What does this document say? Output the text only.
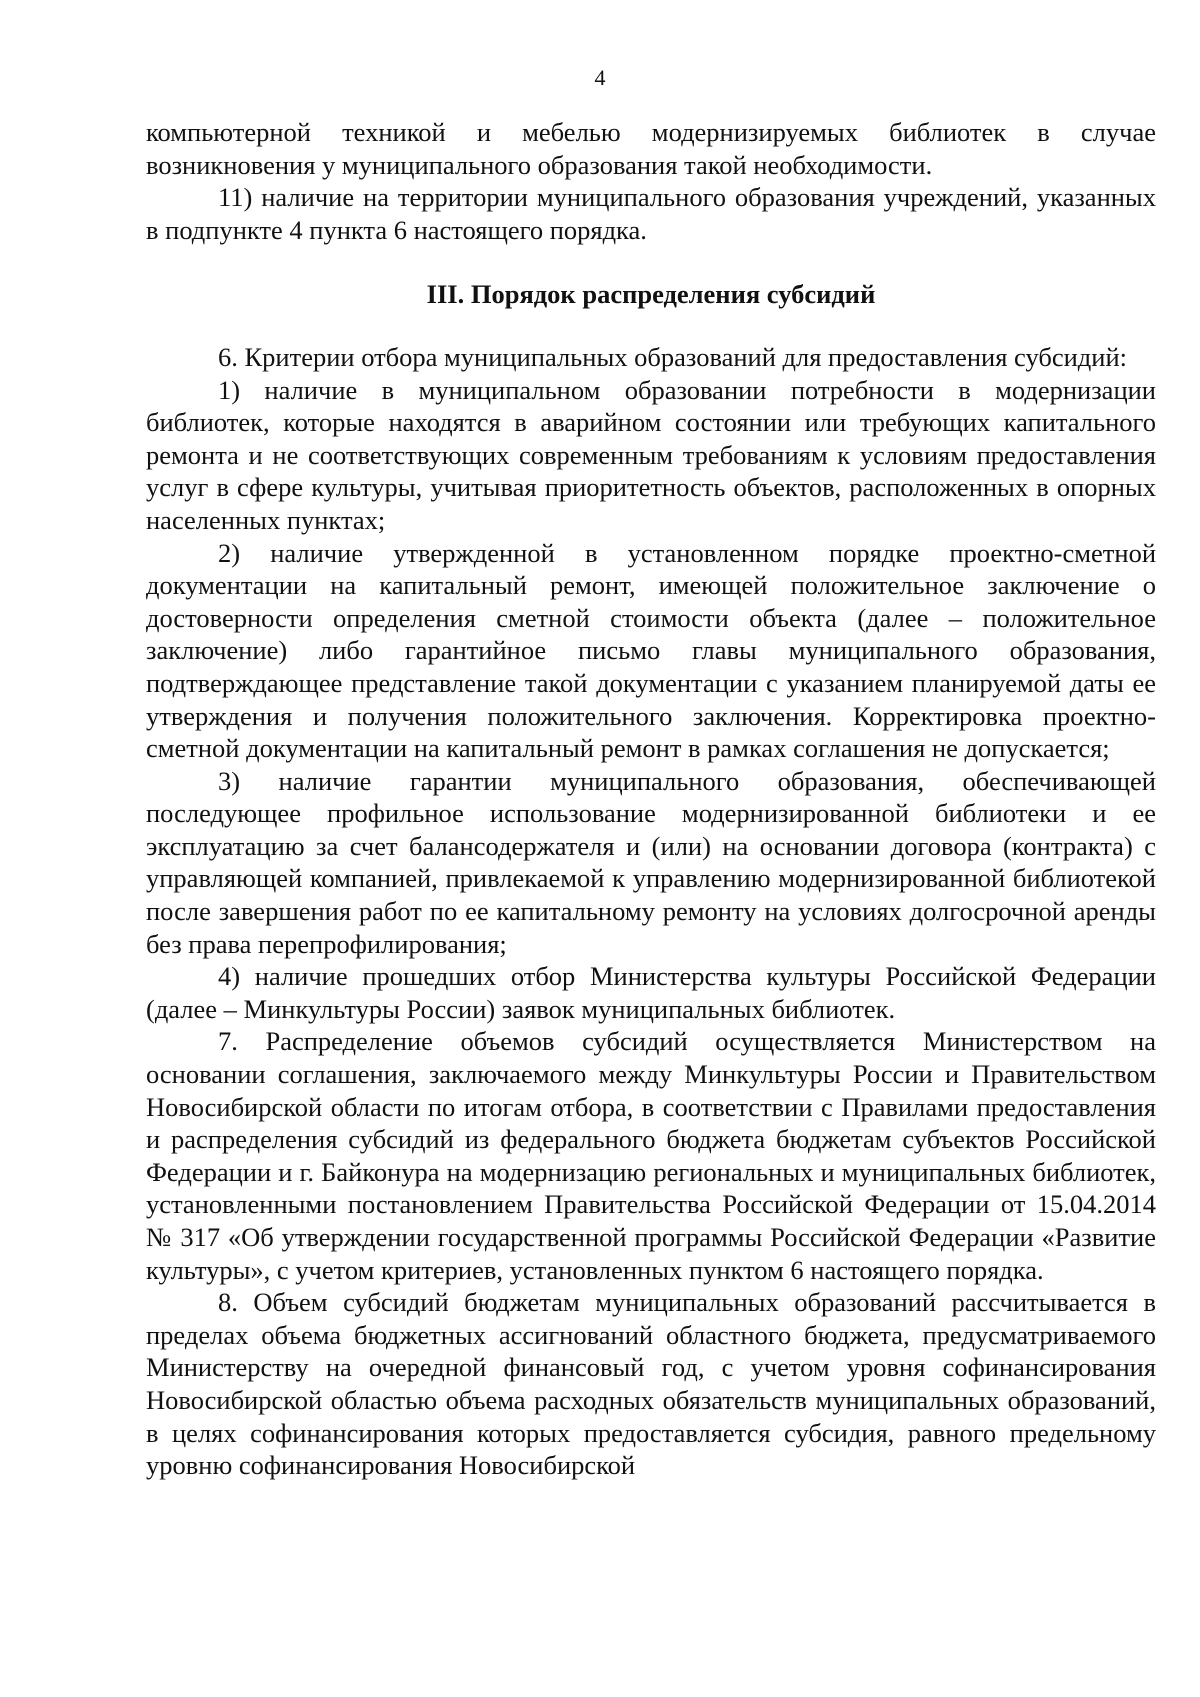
4

компьютерной техникой и мебелью модернизируемых библиотек в случае возникновения у муниципального образования такой необходимости.

11) наличие на территории муниципального образования учреждений, указанных в подпункте 4 пункта 6 настоящего порядка.

III. Порядок распределения субсидий

6. Критерии отбора муниципальных образований для предоставления субсидий:

1) наличие в муниципальном образовании потребности в модернизации библиотек, которые находятся в аварийном состоянии или требующих капитального ремонта и не соответствующих современным требованиям к условиям предоставления услуг в сфере культуры, учитывая приоритетность объектов, расположенных в опорных населенных пунктах;

2) наличие утвержденной в установленном порядке проектно-сметной документации на капитальный ремонт, имеющей положительное заключение о достоверности определения сметной стоимости объекта (далее – положительное заключение) либо гарантийное письмо главы муниципального образования, подтверждающее представление такой документации с указанием планируемой даты ее утверждения и получения положительного заключения. Корректировка проектно-сметной документации на капитальный ремонт в рамках соглашения не допускается;

3) наличие гарантии муниципального образования, обеспечивающей последующее профильное использование модернизированной библиотеки и ее эксплуатацию за счет балансодержателя и (или) на основании договора (контракта) с управляющей компанией, привлекаемой к управлению модернизированной библиотекой после завершения работ по ее капитальному ремонту на условиях долгосрочной аренды без права перепрофилирования;

4) наличие прошедших отбор Министерства культуры Российской Федерации (далее – Минкультуры России) заявок муниципальных библиотек.

7. Распределение объемов субсидий осуществляется Министерством на основании соглашения, заключаемого между Минкультуры России и Правительством Новосибирской области по итогам отбора, в соответствии с Правилами предоставления и распределения субсидий из федерального бюджета бюджетам субъектов Российской Федерации и г. Байконура на модернизацию региональных и муниципальных библиотек, установленными постановлением Правительства Российской Федерации от 15.04.2014 № 317 «Об утверждении государственной программы Российской Федерации «Развитие культуры», с учетом критериев, установленных пунктом 6 настоящего порядка.

8. Объем субсидий бюджетам муниципальных образований рассчитывается в пределах объема бюджетных ассигнований областного бюджета, предусматриваемого Министерству на очередной финансовый год, с учетом уровня софинансирования Новосибирской областью объема расходных обязательств муниципальных образований, в целях софинансирования которых предоставляется субсидия, равного предельному уровню софинансирования Новосибирской
